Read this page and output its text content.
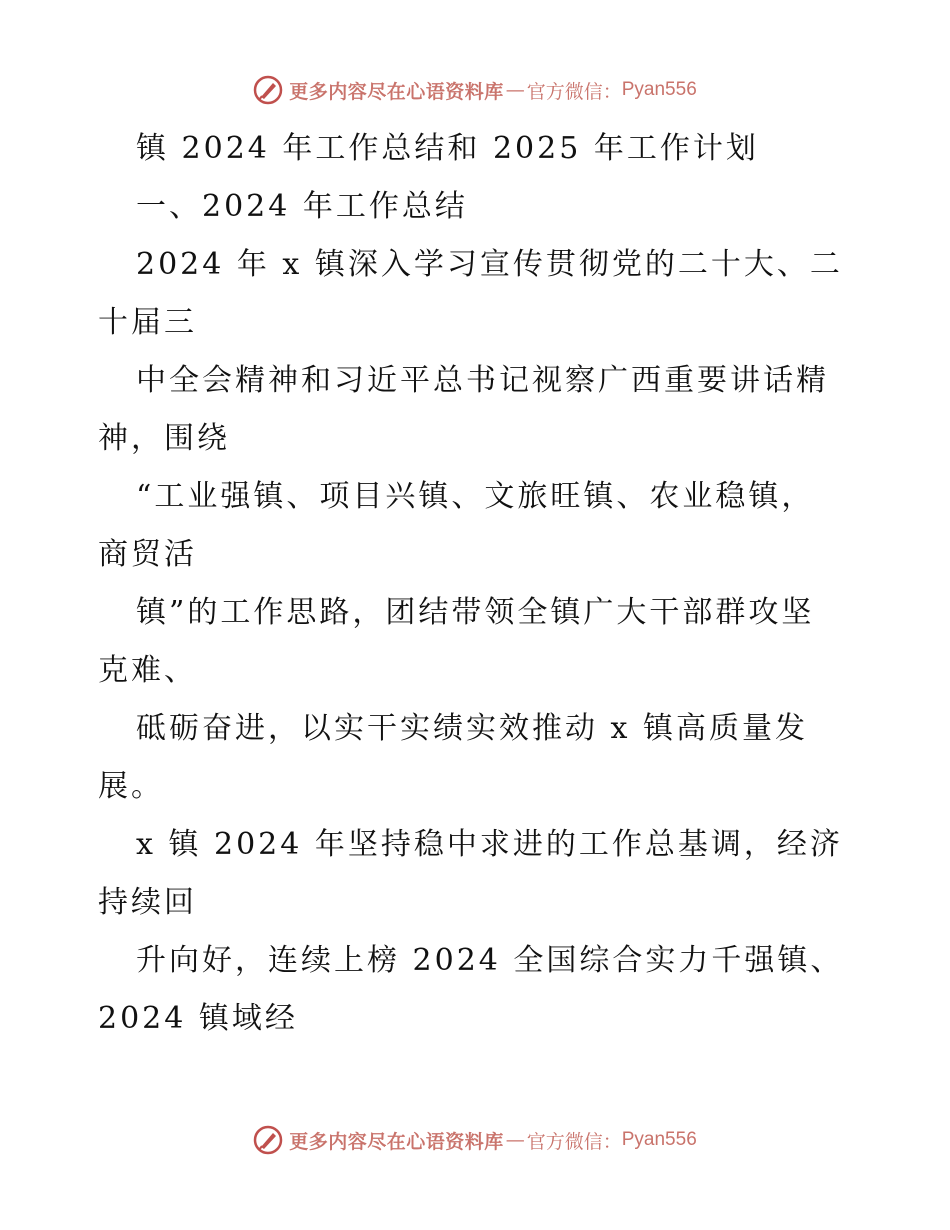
更多内容尽在心语资料库 — 官方微信： Pyan556
镇 2024 年工作总结和 2025 年工作计划
一、2024 年工作总结
2024 年 x 镇深入学习宣传贯彻党的二十大、二
十届三
中全会精神和习近平总书记视察广西重要讲话精
神，围绕
“工业强镇、项目兴镇、文旅旺镇、农业稳镇，
商贸活
镇”的工作思路，团结带领全镇广大干部群攻坚
克难、
砥砺奋进，以实干实绩实效推动 x 镇高质量发
展。
x 镇 2024 年坚持稳中求进的工作总基调，经济
持续回
升向好，连续上榜 2024 全国综合实力千强镇、
2024 镇域经
更多内容尽在心语资料库 — 官方微信： Pyan556
